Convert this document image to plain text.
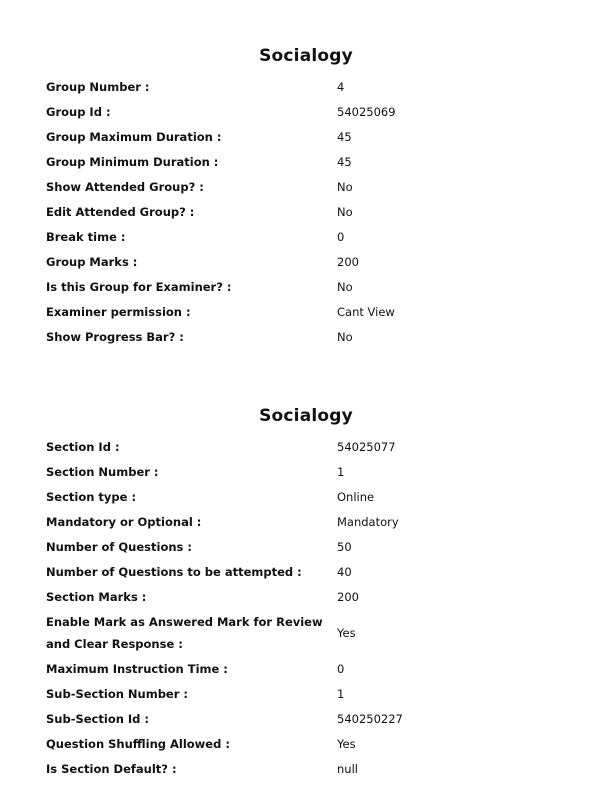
Socialogy
Group Number :	4
Group Id :	54025069
Group Maximum Duration :	45
Group Minimum Duration :	45
Show Attended Group? :	No
Edit Attended Group? :	No
Break time :	0
Group Marks :	200
Is this Group for Examiner? :	No
Examiner permission :	Cant View
Show Progress Bar? :	No
Socialogy
Section Id :	54025077
Section Number :	1
Section type :	Online
Mandatory or Optional :	Mandatory
Number of Questions :	50
Number of Questions to be attempted :	40
Section Marks :	200
Enable Mark as Answered Mark for Review and Clear Response :
Yes
Maximum Instruction Time :	0
Sub-Section Number :	1
Sub-Section Id :	540250227
Question Shuffling Allowed :	Yes
Is Section Default? :	null
